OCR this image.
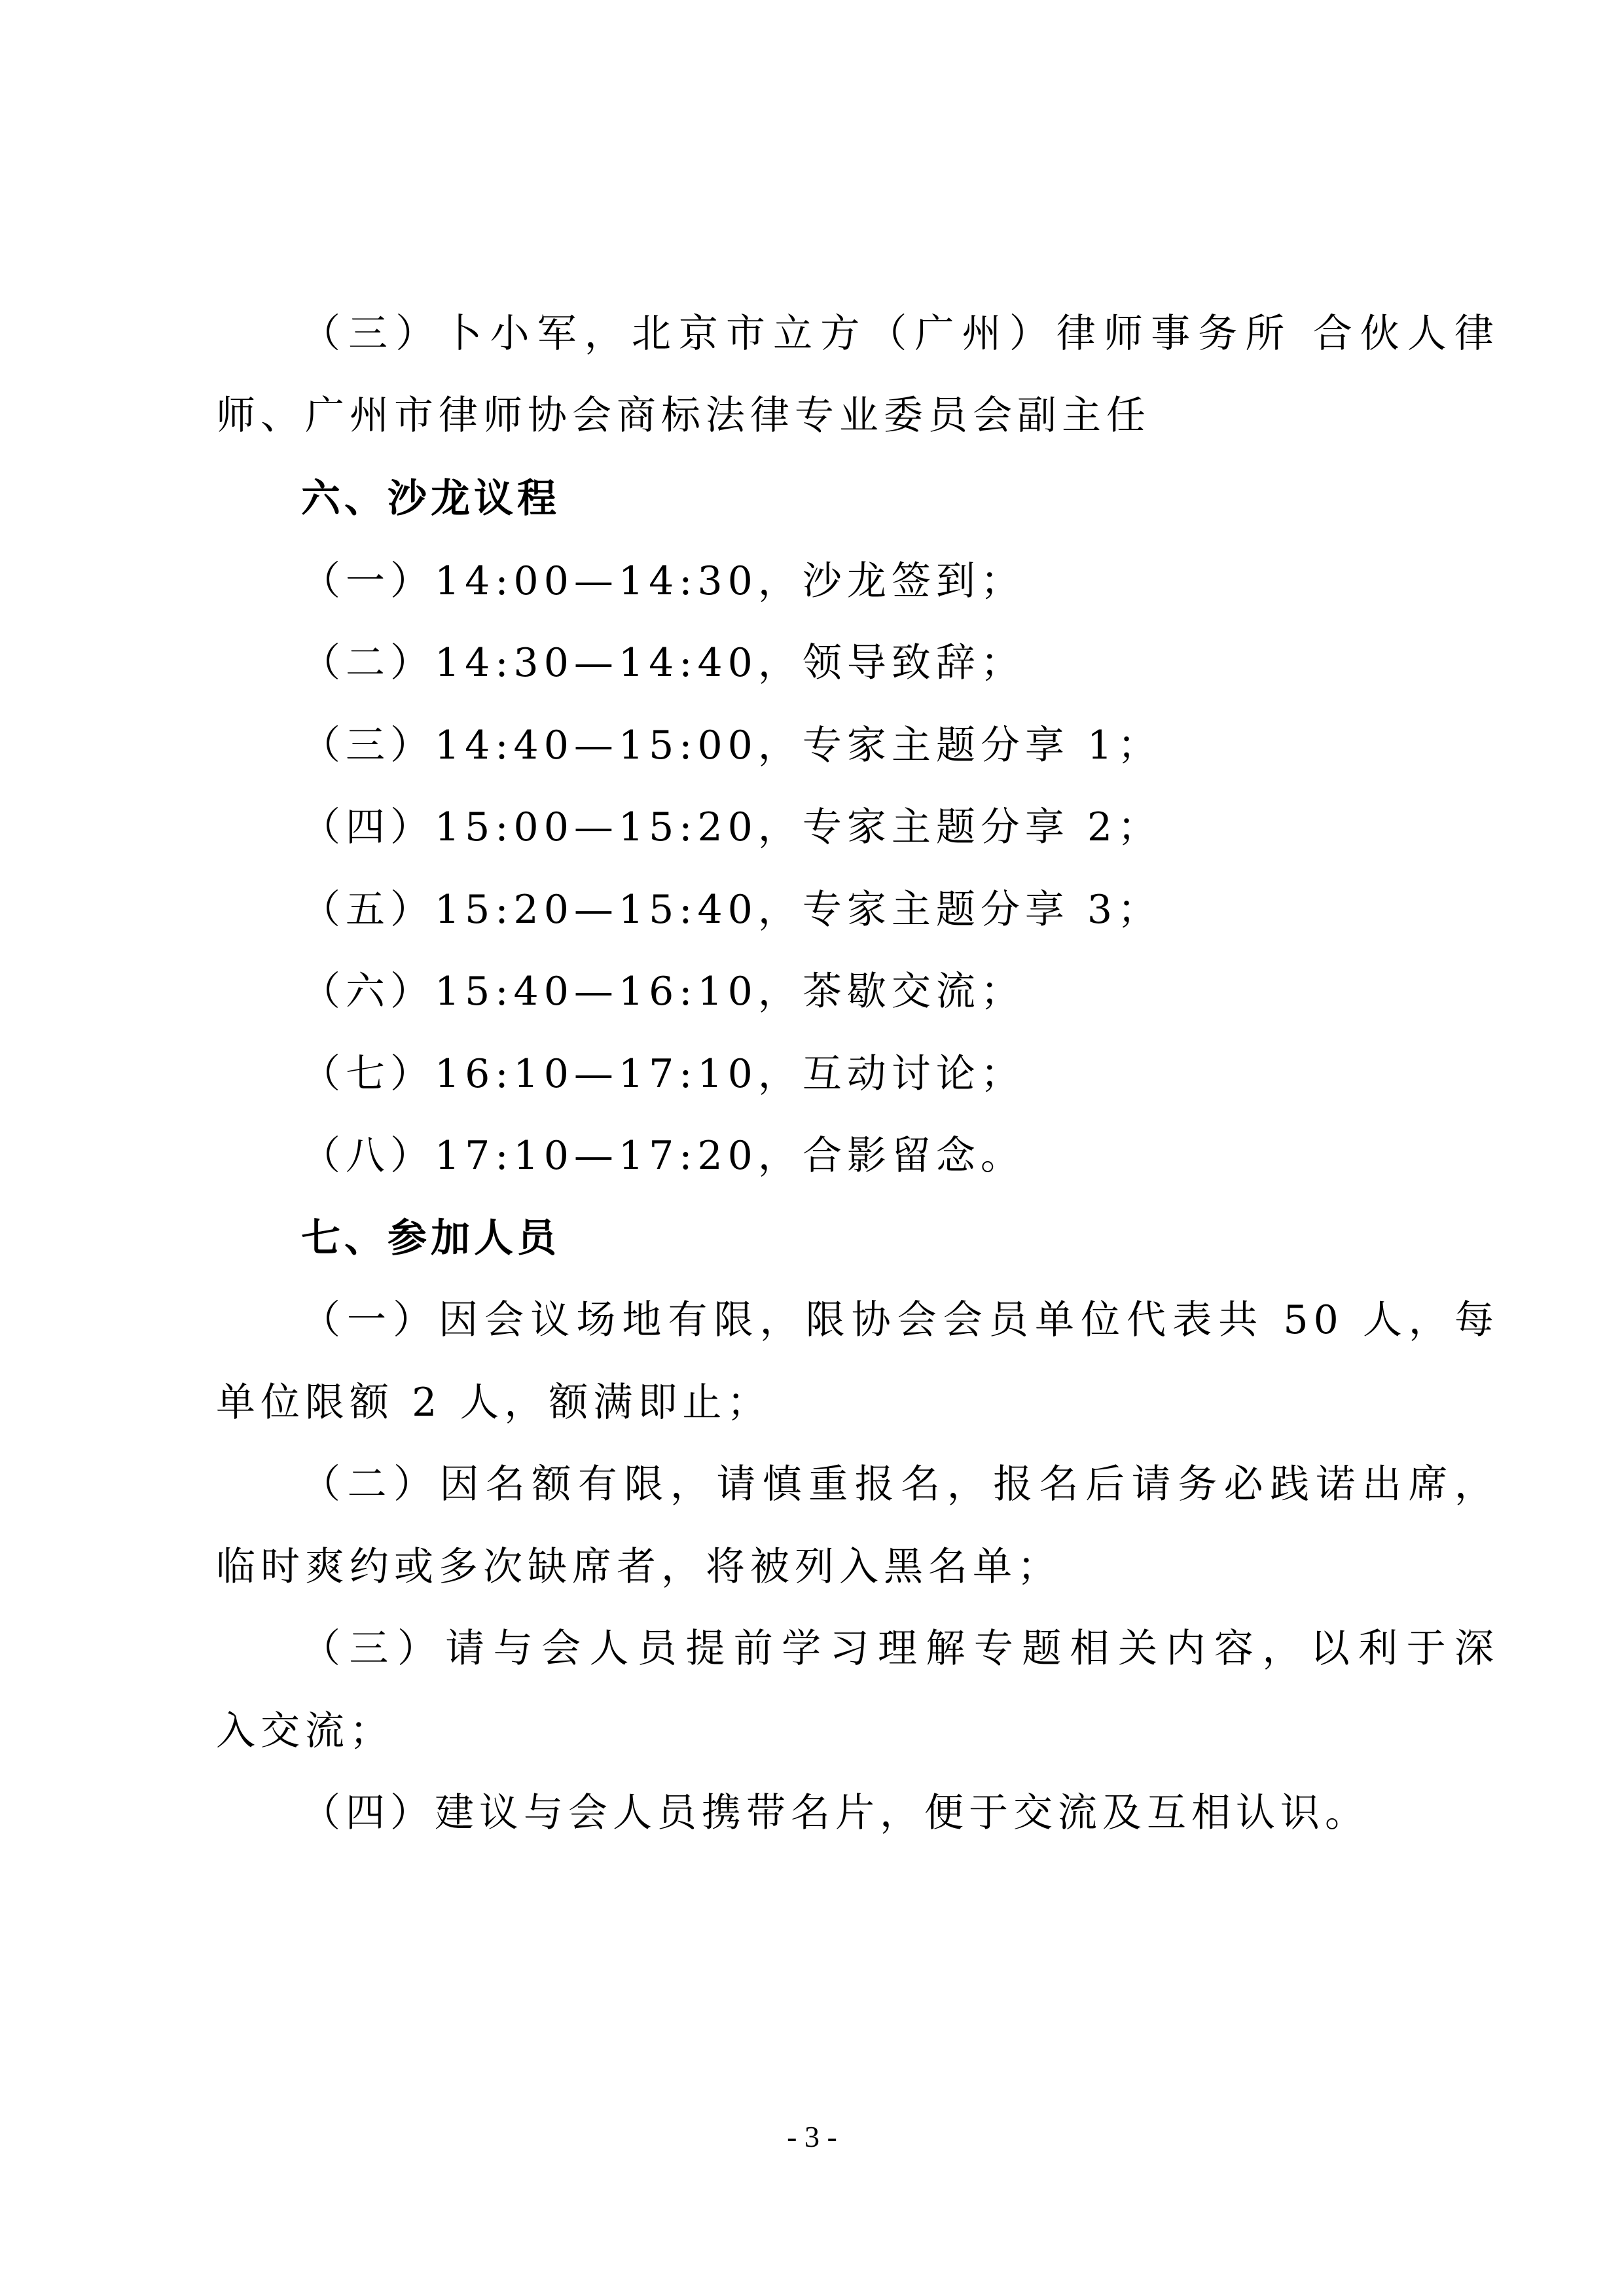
（三）卜小军，北京市立方（广州）律师事务所 合伙人律
师、广州市律师协会商标法律专业委员会副主任
六、沙龙议程
（一）14:00—14:30，沙龙签到；
（二）14:30—14:40，领导致辞；
（三）14:40—15:00，专家主题分享 1；
（四）15:00—15:20，专家主题分享 2；
（五）15:20—15:40，专家主题分享 3；
（六）15:40—16:10，茶歇交流；
（七）16:10—17:10，互动讨论；
（八）17:10—17:20，合影留念。
七、参加人员
（一）因会议场地有限，限协会会员单位代表共 50 人，每
单位限额 2 人，额满即止；
（二）因名额有限，请慎重报名，报名后请务必践诺出席，
临时爽约或多次缺席者，将被列入黑名单；
（三）请与会人员提前学习理解专题相关内容，以利于深
入交流；
（四）建议与会人员携带名片，便于交流及互相认识。
- 3 -
